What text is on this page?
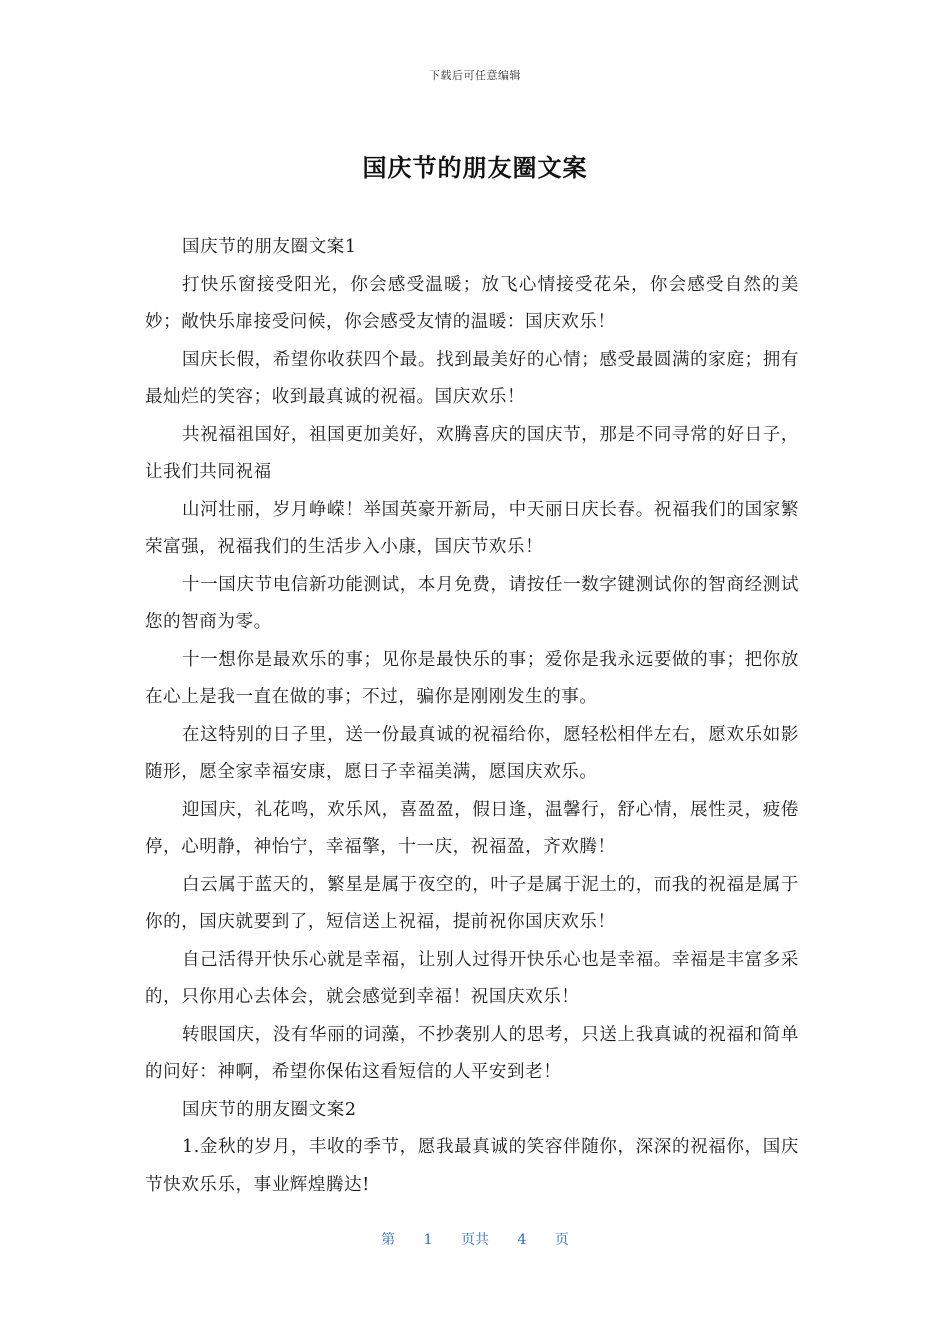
下载后可任意编辑
国庆节的朋友圈文案

国庆节的朋友圈文案1

打快乐窗接受阳光，你会感受温暖；放飞心情接受花朵，你会感受自然的美妙；敞快乐扉接受问候，你会感受友情的温暖：国庆欢乐！

国庆长假，希望你收获四个最。找到最美好的心情；感受最圆满的家庭；拥有最灿烂的笑容；收到最真诚的祝福。国庆欢乐！

共祝福祖国好，祖国更加美好，欢腾喜庆的国庆节，那是不同寻常的好日子，让我们共同祝福

山河壮丽，岁月峥嵘！举国英豪开新局，中天丽日庆长春。祝福我们的国家繁荣富强，祝福我们的生活步入小康，国庆节欢乐！

十一国庆节电信新功能测试，本月免费，请按任一数字键测试你的智商经测试您的智商为零。

十一想你是最欢乐的事；见你是最快乐的事；爱你是我永远要做的事；把你放在心上是我一直在做的事；不过，骗你是刚刚发生的事。

在这特别的日子里，送一份最真诚的祝福给你，愿轻松相伴左右，愿欢乐如影随形，愿全家幸福安康，愿日子幸福美满，愿国庆欢乐。

迎国庆，礼花鸣，欢乐风，喜盈盈，假日逢，温馨行，舒心情，展性灵，疲倦停，心明静，神怡宁，幸福擎，十一庆，祝福盈，齐欢腾！

白云属于蓝天的，繁星是属于夜空的，叶子是属于泥土的，而我的祝福是属于你的，国庆就要到了，短信送上祝福，提前祝你国庆欢乐！

自己活得开快乐心就是幸福，让别人过得开快乐心也是幸福。幸福是丰富多采的，只你用心去体会，就会感觉到幸福！祝国庆欢乐！

转眼国庆，没有华丽的词藻，不抄袭别人的思考，只送上我真诚的祝福和简单的问好：神啊，希望你保佑这看短信的人平安到老！

国庆节的朋友圈文案2

1.金秋的岁月，丰收的季节，愿我最真诚的笑容伴随你，深深的祝福你，国庆节快欢乐乐，事业辉煌腾达!

第 1 页共 4 页
